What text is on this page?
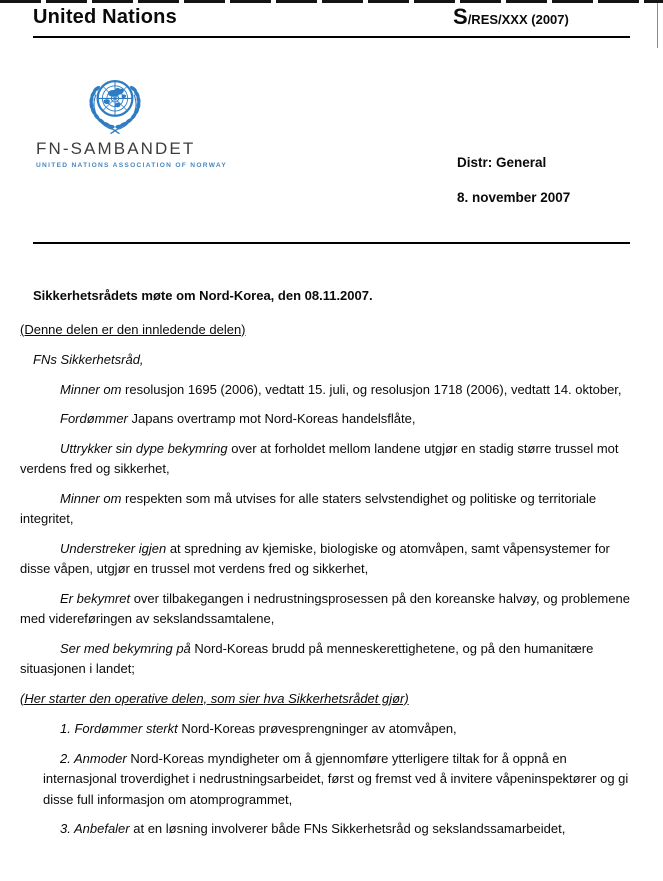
United Nations	S/RES/XXX (2007)
FN-SAMBANDET
UNITED NATIONS ASSOCIATION OF NORWAY	Distr: General
8. november 2007

Sikkerhetsrådets møte om Nord-Korea, den 08.11.2007.

(Denne delen er den innledende delen)

FNs Sikkerhetsråd,

Minner om resolusjon 1695 (2006), vedtatt 15. juli, og resolusjon 1718 (2006), vedtatt 14. oktober,

Fordømmer Japans overtramp mot Nord-Koreas handelsflåte,

Uttrykker sin dype bekymring over at forholdet mellom landene utgjør en stadig større trussel mot verdens fred og sikkerhet,

Minner om respekten som må utvises for alle staters selvstendighet og politiske og territoriale integritet,

Understreker igjen at spredning av kjemiske, biologiske og atomvåpen, samt våpensystemer for disse våpen, utgjør en trussel mot verdens fred og sikkerhet,

Er bekymret over tilbakegangen i nedrustningsprosessen på den koreanske halvøy, og problemene med videreføringen av sekslandssamtalene,

Ser med bekymring på Nord-Koreas brudd på menneskerettighetene, og på den humanitære situasjonen i landet;

(Her starter den operative delen, som sier hva Sikkerhetsrådet gjør)

1. Fordømmer sterkt Nord-Koreas prøvesprengninger av atomvåpen,

2. Anmoder Nord-Koreas myndigheter om å gjennomføre ytterligere tiltak for å oppnå en internasjonal troverdighet i nedrustningsarbeidet, først og fremst ved å invitere våpeninspektører og gi disse full informasjon om atomprogrammet,

3. Anbefaler at en løsning involverer både FNs Sikkerhetsråd og sekslandssamarbeidet,
